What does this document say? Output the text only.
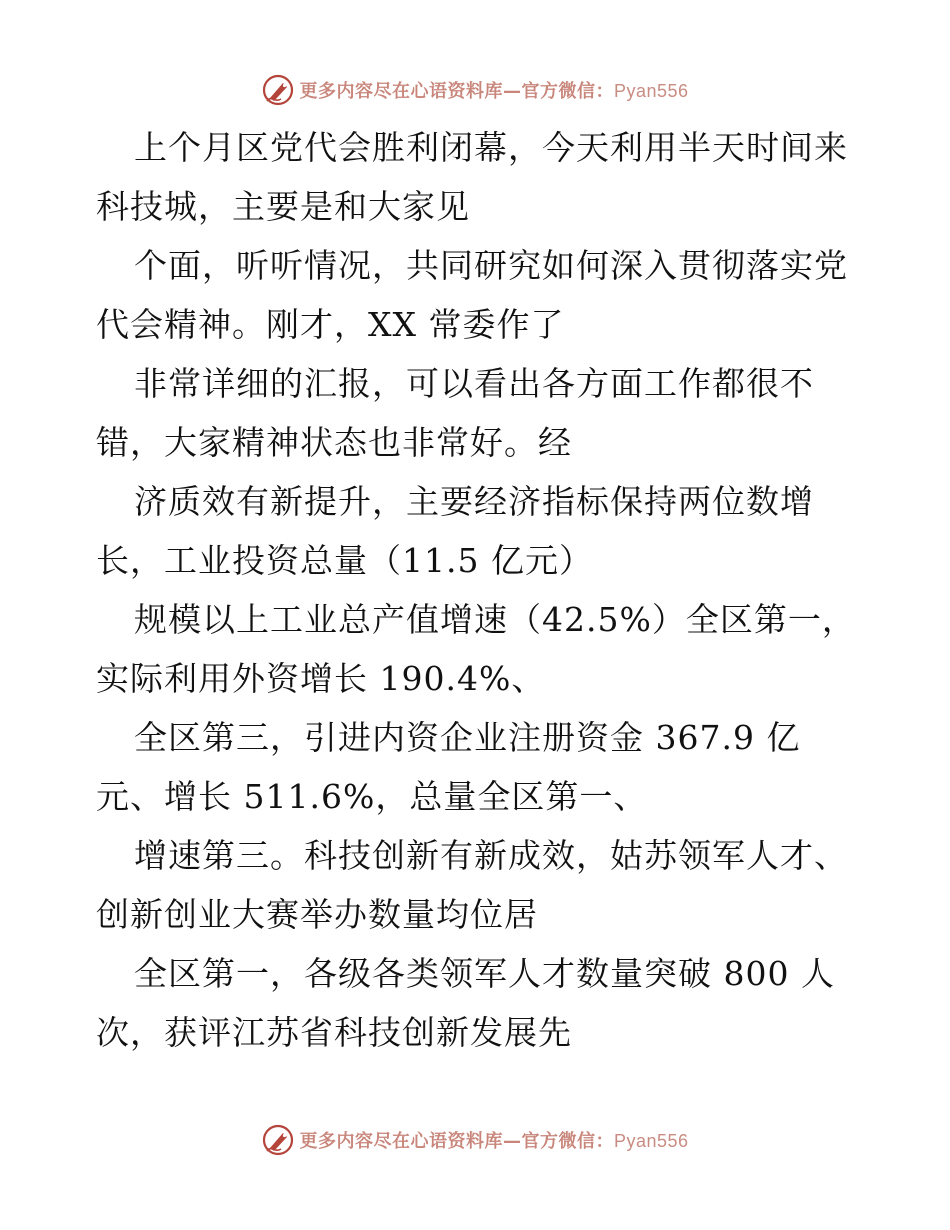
更多内容尽在心语资料库—官方微信：Pyan556
上个月区党代会胜利闭幕，今天利用半天时间来
科技城，主要是和大家见
个面，听听情况，共同研究如何深入贯彻落实党
代会精神。刚才，XX 常委作了
非常详细的汇报，可以看出各方面工作都很不
错，大家精神状态也非常好。经
济质效有新提升，主要经济指标保持两位数增
长，工业投资总量（11.5 亿元）
规模以上工业总产值增速（42.5%）全区第一，
实际利用外资增长 190.4%、
全区第三，引进内资企业注册资金 367.9 亿
元、增长 511.6%，总量全区第一、
增速第三。科技创新有新成效，姑苏领军人才、
创新创业大赛举办数量均位居
全区第一，各级各类领军人才数量突破 800 人
次，获评江苏省科技创新发展先
更多内容尽在心语资料库—官方微信：Pyan556
